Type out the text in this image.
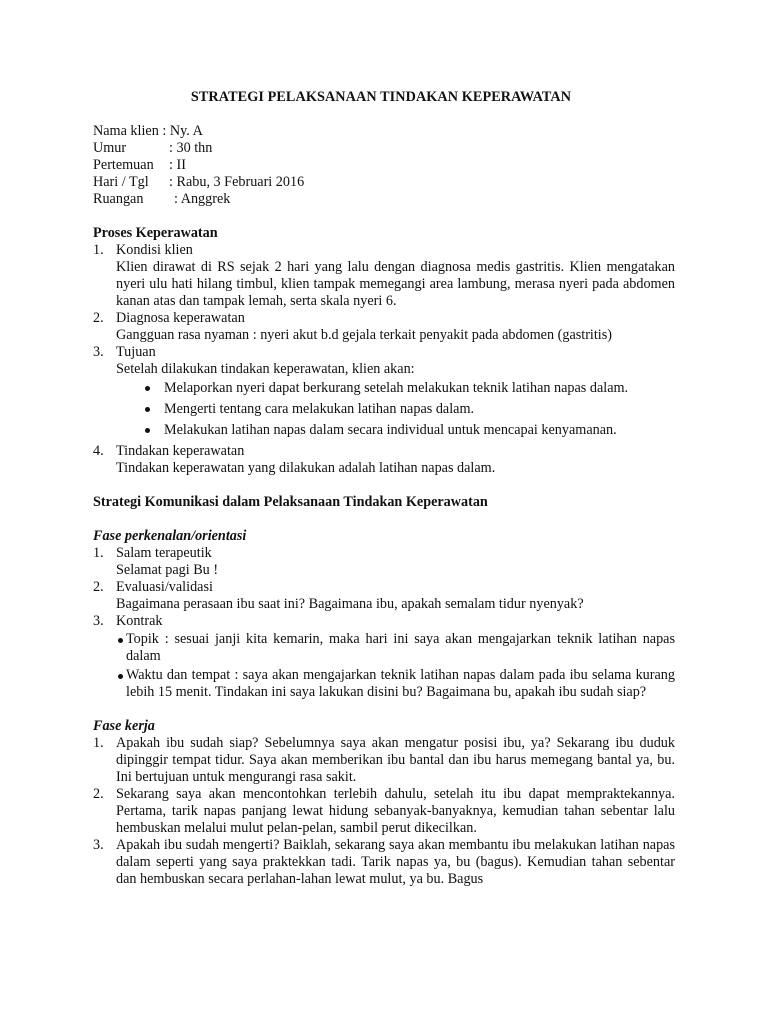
STRATEGI PELAKSANAAN TINDAKAN KEPERAWATAN
Nama klien : Ny. A
Umur	: 30 thn
Pertemuan	: II
Hari / Tgl	: Rabu, 3 Februari 2016
Ruangan	: Anggrek
Proses Keperawatan
1. Kondisi klien
Klien dirawat di RS sejak 2 hari yang lalu dengan diagnosa medis gastritis. Klien mengatakan nyeri ulu hati hilang timbul, klien tampak memegangi area lambung, merasa nyeri pada abdomen kanan atas dan tampak lemah, serta skala nyeri 6.
2. Diagnosa keperawatan
Gangguan rasa nyaman : nyeri akut b.d gejala terkait penyakit pada abdomen (gastritis)
3. Tujuan
Setelah dilakukan tindakan keperawatan, klien akan:
Melaporkan nyeri dapat berkurang setelah melakukan teknik latihan napas dalam.
Mengerti tentang cara melakukan latihan napas dalam.
Melakukan latihan napas dalam secara individual untuk mencapai kenyamanan.
4. Tindakan keperawatan
Tindakan keperawatan yang dilakukan adalah latihan napas dalam.
Strategi Komunikasi dalam Pelaksanaan Tindakan Keperawatan
Fase perkenalan/orientasi
1. Salam terapeutik
Selamat pagi Bu !
2. Evaluasi/validasi
Bagaimana perasaan ibu saat ini? Bagaimana ibu, apakah semalam tidur nyenyak?
3. Kontrak
Topik : sesuai janji kita kemarin, maka hari ini saya akan mengajarkan teknik latihan napas dalam
Waktu dan tempat : saya akan mengajarkan teknik latihan napas dalam pada ibu selama kurang lebih 15 menit. Tindakan ini saya lakukan disini bu? Bagaimana bu, apakah ibu sudah siap?
Fase kerja
1. Apakah ibu sudah siap? Sebelumnya saya akan mengatur posisi ibu, ya? Sekarang ibu duduk dipinggir tempat tidur. Saya akan memberikan ibu bantal dan ibu harus memegang bantal ya, bu. Ini bertujuan untuk mengurangi rasa sakit.
2. Sekarang saya akan mencontohkan terlebih dahulu, setelah itu ibu dapat mempraktekannya. Pertama, tarik napas panjang lewat hidung sebanyak-banyaknya, kemudian tahan sebentar lalu hembuskan melalui mulut pelan-pelan, sambil perut dikecilkan.
3. Apakah ibu sudah mengerti? Baiklah, sekarang saya akan membantu ibu melakukan latihan napas dalam seperti yang saya praktekkan tadi. Tarik napas ya, bu (bagus). Kemudian tahan sebentar dan hembuskan secara perlahan-lahan lewat mulut, ya bu. Bagus
